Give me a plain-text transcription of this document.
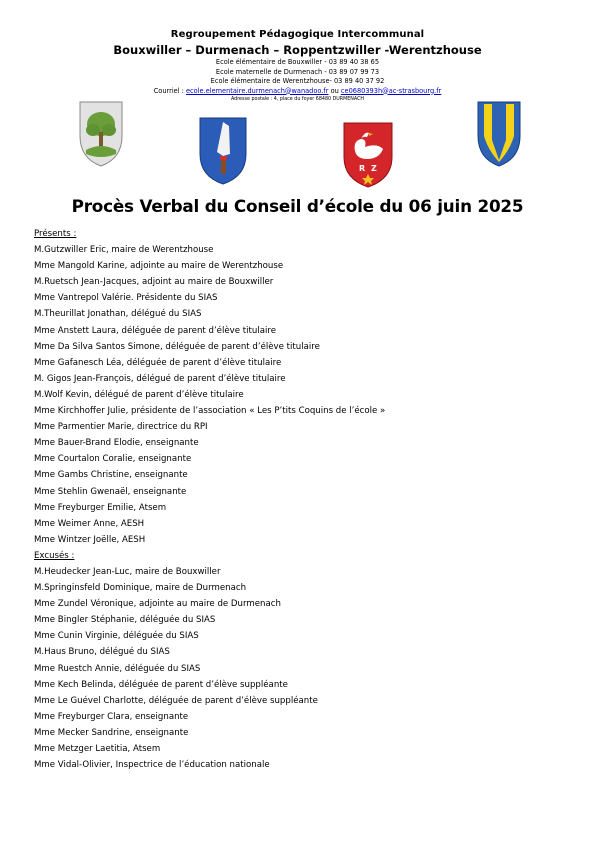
Regroupement Pédagogique Intercommunal
Bouxwiller – Durmenach – Roppentzwiller -Werentzhouse
Ecole élémentaire de Bouxwiller - 03 89 40 38 65
Ecole maternelle de Durmenach - 03 89 07 99 73
Ecole élémentaire de Werentzhouse- 03 89 40 37 92
Courriel : ecole.elementaire.durmenach@wanadoo.fr ou ce0680393h@ac-strasbourg.fr
Adresse postale : 4, place du foyer 68480 DURMENACH
R Z
Procès Verbal du Conseil d’école du 06 juin 2025
Présents :
M.Gutzwiller Eric, maire de Werentzhouse
Mme Mangold Karine, adjointe au maire de Werentzhouse
M.Ruetsch Jean-Jacques, adjoint au maire de Bouxwiller
Mme Vantrepol Valérie. Présidente du SIAS
M.Theurillat Jonathan, délégué du SIAS
Mme Anstett Laura, déléguée de parent d’élève titulaire
Mme Da Silva Santos Simone, déléguée de parent d’élève titulaire
Mme Gafanesch Léa, déléguée de parent d’élève titulaire
M. Gigos Jean-François, délégué de parent d’élève titulaire
M.Wolf Kevin, délégué de parent d’élève titulaire
Mme Kirchhoffer Julie, présidente de l’association « Les P’tits Coquins de l’école »
Mme Parmentier Marie, directrice du RPI
Mme Bauer-Brand Elodie, enseignante
Mme Courtalon Coralie, enseignante
Mme Gambs Christine, enseignante
Mme Stehlin Gwenaël, enseignante
Mme Freyburger Emilie, Atsem
Mme Weimer Anne, AESH
Mme Wintzer Joëlle, AESH
Excusés :
M.Heudecker Jean-Luc, maire de Bouxwiller
M.Springinsfeld Dominique, maire de Durmenach
Mme Zundel Véronique, adjointe au maire de Durmenach
Mme Bingler Stéphanie, déléguée du SIAS
Mme Cunin Virginie, déléguée du SIAS
M.Haus Bruno, délégué du SIAS
Mme Ruestch Annie, déléguée du SIAS
Mme Kech Belinda, déléguée de parent d’élève suppléante
Mme Le Guével Charlotte, déléguée de parent d’élève suppléante
Mme Freyburger Clara, enseignante
Mme Mecker Sandrine, enseignante
Mme Metzger Laetitia, Atsem
Mme Vidal-Olivier, Inspectrice de l’éducation nationale
